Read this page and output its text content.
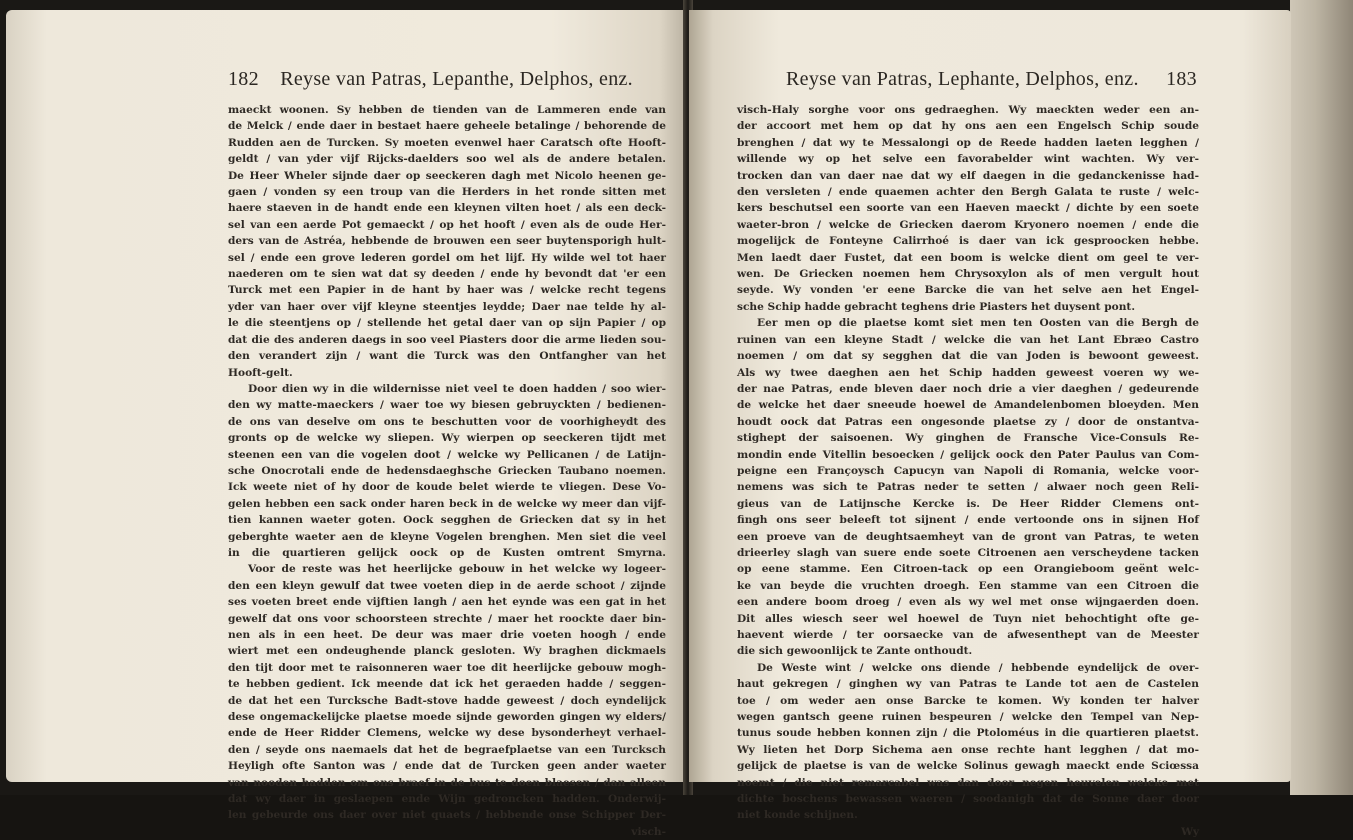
182 Reyse van Patras, Lepanthe, Delphos, enz.
maeckt woonen. Sy hebben de tienden van de Lammeren ende van
de Melck / ende daer in bestaet haere geheele betalinge / behorende de
Rudden aen de Turcken. Sy moeten evenwel haer Caratsch ofte Hooft-
geldt / van yder vijf Rijcks-daelders soo wel als de andere betalen.
De Heer Wheler sijnde daer op seeckeren dagh met Nicolo heenen ge-
gaen / vonden sy een troup van die Herders in het ronde sitten met
haere staeven in de handt ende een kleynen vilten hoet / als een deck-
sel van een aerde Pot gemaeckt / op het hooft / even als de oude Her-
ders van de Astréa, hebbende de brouwen een seer buytensporigh hult-
sel / ende een grove lederen gordel om het lijf. Hy wilde wel tot haer
naederen om te sien wat dat sy deeden / ende hy bevondt dat 'er een
Turck met een Papier in de hant by haer was / welcke recht tegens
yder van haer over vijf kleyne steentjes leydde; Daer nae telde hy al-
le die steentjens op / stellende het getal daer van op sijn Papier / op
dat die des anderen daegs in soo veel Piasters door die arme lieden sou-
den verandert zijn / want die Turck was den Ontfangher van het
Hooft-gelt.
Door dien wy in die wildernisse niet veel te doen hadden / soo wier-
den wy matte-maeckers / waer toe wy biesen gebruyckten / bedienen-
de ons van deselve om ons te beschutten voor de voorhigheydt des
gronts op de welcke wy sliepen. Wy wierpen op seeckeren tijdt met
steenen een van die vogelen doot / welcke wy Pellicanen / de Latijn-
sche Onocrotali ende de hedensdaeghsche Griecken Taubano noemen.
Ick weete niet of hy door de koude belet wierde te vliegen. Dese Vo-
gelen hebben een sack onder haren beck in de welcke wy meer dan vijf-
tien kannen waeter goten. Oock segghen de Griecken dat sy in het
geberghte waeter aen de kleyne Vogelen brenghen. Men siet die veel
in die quartieren gelijck oock op de Kusten omtrent Smyrna.
Voor de reste was het heerlijcke gebouw in het welcke wy logeer-
den een kleyn gewulf dat twee voeten diep in de aerde schoot / zijnde
ses voeten breet ende vijftien langh / aen het eynde was een gat in het
gewelf dat ons voor schoorsteen strechte / maer het roockte daer bin-
nen als in een heet. De deur was maer drie voeten hoogh / ende
wiert met een ondeughende planck gesloten. Wy braghen dickmaels
den tijt door met te raisonneren waer toe dit heerlijcke gebouw mogh-
te hebben gedient. Ick meende dat ick het geraeden hadde / seggen-
de dat het een Turcksche Badt-stove hadde geweest / doch eyndelijck
dese ongemackelijcke plaetse moede sijnde geworden gingen wy elders/
ende de Heer Ridder Clemens, welcke wy dese bysonderheyt verhael-
den / seyde ons naemaels dat het de begraefplaetse van een Turcksch
Heyligh ofte Santon was / ende dat de Turcken geen ander waeter
van nooden hadden om ons braef in de bus te doen blaesen / dan alleen
dat wy daer in geslaepen ende Wijn gedroncken hadden. Onderwij-
len gebeurde ons daer over niet quaets / hebbende onse Schipper Der-
visch-
Reyse van Patras, Lephante, Delphos, enz. 183
visch-Haly sorghe voor ons gedraeghen. Wy maeckten weder een an-
der accoort met hem op dat hy ons aen een Engelsch Schip soude
brenghen / dat wy te Messalongi op de Reede hadden laeten legghen /
willende wy op het selve een favorabelder wint wachten. Wy ver-
trocken dan van daer nae dat wy elf daegen in die gedanckenisse had-
den versleten / ende quaemen achter den Bergh Galata te ruste / welc-
kers beschutsel een soorte van een Haeven maeckt / dichte by een soete
waeter-bron / welcke de Griecken daerom Kryonero noemen / ende die
mogelijck de Fonteyne Calirrhoé is daer van ick gesproocken hebbe.
Men laedt daer Fustet, dat een boom is welcke dient om geel te ver-
wen. De Griecken noemen hem Chrysoxylon als of men vergult hout
seyde. Wy vonden 'er eene Barcke die van het selve aen het Engel-
sche Schip hadde gebracht teghens drie Piasters het duysent pont.
Eer men op die plaetse komt siet men ten Oosten van die Bergh de
ruinen van een kleyne Stadt / welcke die van het Lant Ebræo Castro
noemen / om dat sy segghen dat die van Joden is bewoont geweest.
Als wy twee daeghen aen het Schip hadden geweest voeren wy we-
der nae Patras, ende bleven daer noch drie a vier daeghen / gedeurende
de welcke het daer sneeude hoewel de Amandelenbomen bloeyden. Men
houdt oock dat Patras een ongesonde plaetse zy / door de onstantva-
stighept der saisoenen. Wy ginghen de Fransche Vice-Consuls Re-
mondin ende Vitellin besoecken / gelijck oock den Pater Paulus van Com-
peigne een Françoysch Capucyn van Napoli di Romania, welcke voor-
nemens was sich te Patras neder te setten / alwaer noch geen Reli-
gieus van de Latijnsche Kercke is. De Heer Ridder Clemens ont-
fingh ons seer beleeft tot sijnent / ende vertoonde ons in sijnen Hof
een proeve van de deughtsaemheyt van de gront van Patras, te weten
drieerley slagh van suere ende soete Citroenen aen verscheydene tacken
op eene stamme. Een Citroen-tack op een Orangieboom geënt welc-
ke van beyde die vruchten droegh. Een stamme van een Citroen die
een andere boom droeg / even als wy wel met onse wijngaerden doen.
Dit alles wiesch seer wel hoewel de Tuyn niet behochtight ofte ge-
haevent wierde / ter oorsaecke van de afwesenthept van de Meester
die sich gewoonlijck te Zante onthoudt.
De Weste wint / welcke ons diende / hebbende eyndelijck de over-
haut gekregen / ginghen wy van Patras te Lande tot aen de Castelen
toe / om weder aen onse Barcke te komen. Wy konden ter halver
wegen gantsch geene ruinen bespeuren / welcke den Tempel van Nep-
tunus soude hebben konnen zijn / die Ptoloméus in die quartieren plaetst.
Wy lieten het Dorp Sichema aen onse rechte hant legghen / dat mo-
gelijck de plaetse is van de welcke Solinus gewagh maeckt ende Sciœssa
noemt / die niet remarcabel was dan door negen heuvelen welcke met
dichte boschens bewassen waeren / soodanigh dat de Sonne daer door
niet konde schijnen.
Wy
